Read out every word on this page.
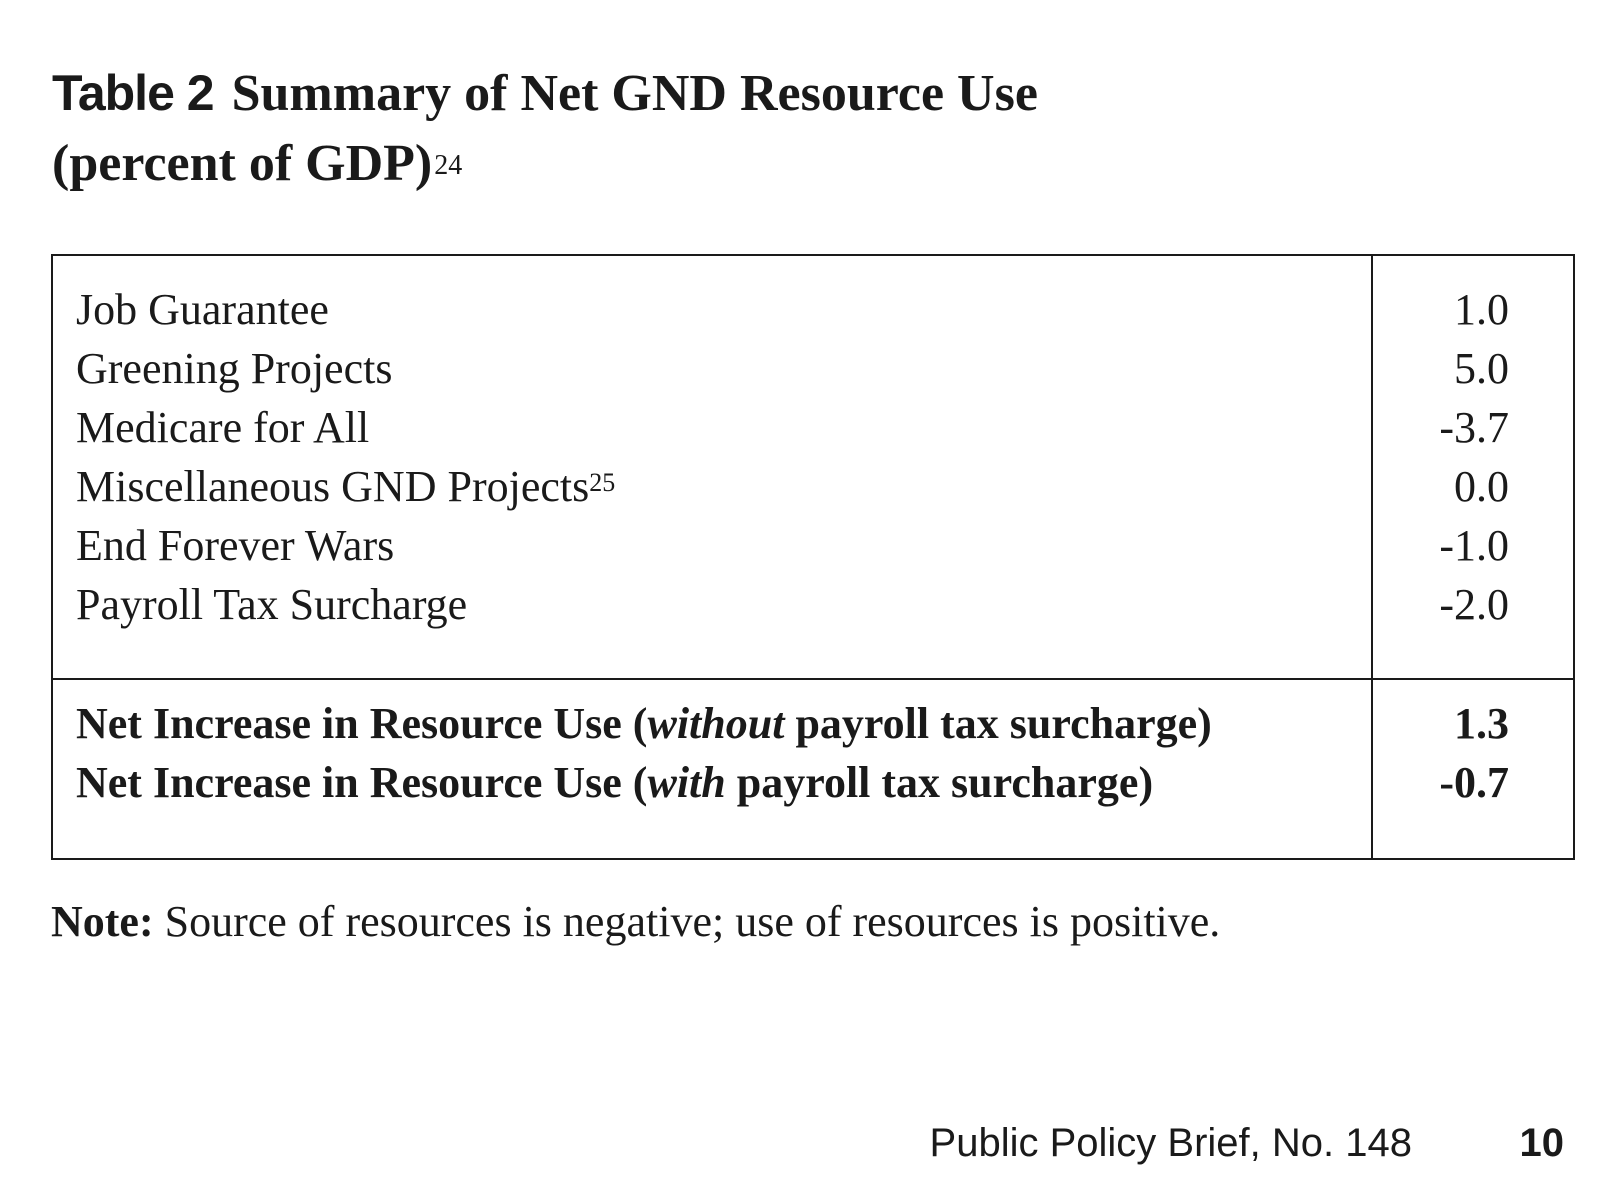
Table 2 Summary of Net GND Resource Use
(percent of GDP)$^{24}$
Job Guarantee	1.0
Greening Projects	5.0
Medicare for All	-3.7
Miscellaneous GND Projects$^{25}$	0.0
End Forever Wars	-1.0
Payroll Tax Surcharge	-2.0
Net Increase in Resource Use (without payroll tax surcharge)	1.3
Net Increase in Resource Use (with payroll tax surcharge)	-0.7
Note: Source of resources is negative; use of resources is positive.
Public Policy Brief, No. 148	10
